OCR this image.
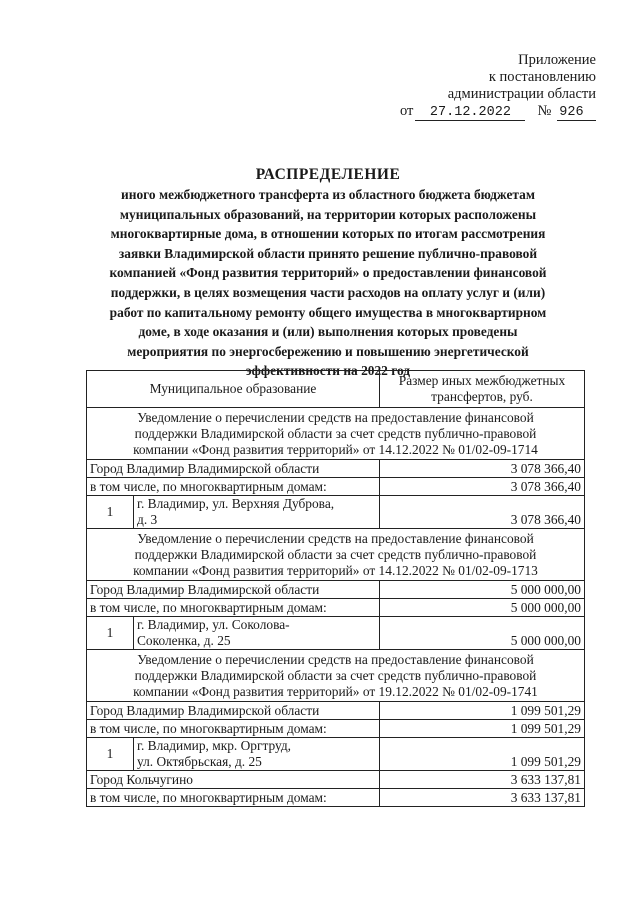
Приложение
к постановлению
администрации области
от	27.12.2022	№ 926
РАСПРЕДЕЛЕНИЕ
иного межбюджетного трансферта из областного бюджета бюджетам
муниципальных образований, на территории которых расположены
многоквартирные дома, в отношении которых по итогам рассмотрения
заявки Владимирской области принято решение публично-правовой
компанией «Фонд развития территорий» о предоставлении финансовой
поддержки, в целях возмещения части расходов на оплату услуг и (или)
работ по капитальному ремонту общего имущества в многоквартирном
доме, в ходе оказания и (или) выполнения которых проведены
мероприятия по энергосбережению и повышению энергетической
эффективности на 2022 год
Муниципальное образование		Размер иных межбюджетных
трансфертов, руб.

Уведомление о перечислении средств на предоставление финансовой
поддержки Владимирской области за счет средств публично-правовой
компании «Фонд развития территорий» от 14.12.2022 № 01/02-09-1714		

Город Владимир Владимирской области		3 078 366,40
в том числе, по многоквартирным домам:		3 078 366,40
1	г. Владимир, ул. Верхняя Дуброва,
д. 3	3 078 366,40

Уведомление о перечислении средств на предоставление финансовой
поддержки Владимирской области за счет средств публично-правовой
компании «Фонд развития территорий» от 14.12.2022 № 01/02-09-1713		

Город Владимир Владимирской области		5 000 000,00
в том числе, по многоквартирным домам:		5 000 000,00
1	г. Владимир, ул. Соколова-
Соколенка, д. 25	5 000 000,00

Уведомление о перечислении средств на предоставление финансовой
поддержки Владимирской области за счет средств публично-правовой
компании «Фонд развития территорий» от 19.12.2022 № 01/02-09-1741		

Город Владимир Владимирской области		1 099 501,29
в том числе, по многоквартирным домам:		1 099 501,29
1	г. Владимир, мкр. Оргтруд,
ул. Октябрьская, д. 25	1 099 501,29
Город Кольчугино		3 633 137,81
в том числе, по многоквартирным домам:		3 633 137,81
